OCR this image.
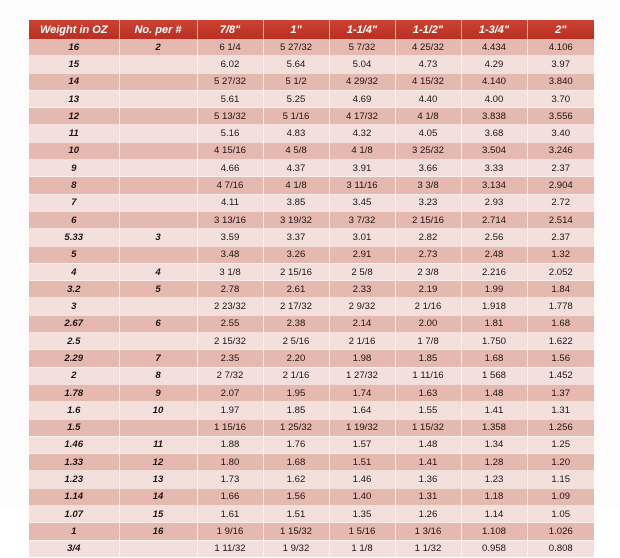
Weight in OZ	No. per #	7/8"	1"	1-1/4"	1-1/2"	1-3/4"	2"
16	2	6 1/4	5 27/32	5 7/32	4 25/32	4.434	4.106
15		6.02	5.64	5.04	4.73	4.29	3.97
14		5 27/32	5 1/2	4 29/32	4 15/32	4.140	3.840
13		5.61	5.25	4.69	4.40	4.00	3.70
12		5 13/32	5 1/16	4 17/32	4 1/8	3.838	3.556
11		5.16	4.83	4.32	4.05	3.68	3.40
10		4 15/16	4 5/8	4 1/8	3 25/32	3.504	3.246
9		4.66	4.37	3.91	3.66	3.33	2.37
8		4 7/16	4 1/8	3 11/16	3 3/8	3.134	2.904
7		4.11	3.85	3.45	3.23	2.93	2.72
6		3 13/16	3 19/32	3 7/32	2 15/16	2.714	2.514
5.33	3	3.59	3.37	3.01	2.82	2.56	2.37
5		3.48	3.26	2.91	2.73	2.48	1.32
4	4	3 1/8	2 15/16	2 5/8	2 3/8	2.216	2.052
3.2	5	2.78	2.61	2.33	2.19	1.99	1.84
3		2 23/32	2 17/32	2 9/32	2 1/16	1.918	1.778
2.67	6	2.55	2.38	2.14	2.00	1.81	1.68
2.5		2 15/32	2 5/16	2 1/16	1 7/8	1.750	1.622
2.29	7	2.35	2.20	1.98	1.85	1.68	1.56
2	8	2 7/32	2 1/16	1 27/32	1 11/16	1 568	1.452
1.78	9	2.07	1.95	1.74	1.63	1.48	1.37
1.6	10	1.97	1.85	1.64	1.55	1.41	1.31
1.5		1 15/16	1 25/32	1 19/32	1 15/32	1.358	1.256
1.46	11	1.88	1.76	1.57	1.48	1.34	1.25
1.33	12	1.80	1.68	1.51	1.41	1.28	1.20
1.23	13	1.73	1.62	1.46	1.36	1.23	1.15
1.14	14	1.66	1.56	1.40	1.31	1.18	1.09
1.07	15	1.61	1.51	1.35	1.26	1.14	1.05
1	16	1 9/16	1 15/32	1 5/16	1 3/16	1.108	1.026
3/4		1 11/32	1 9/32	1 1/8	1 1/32	0.958	0.808
